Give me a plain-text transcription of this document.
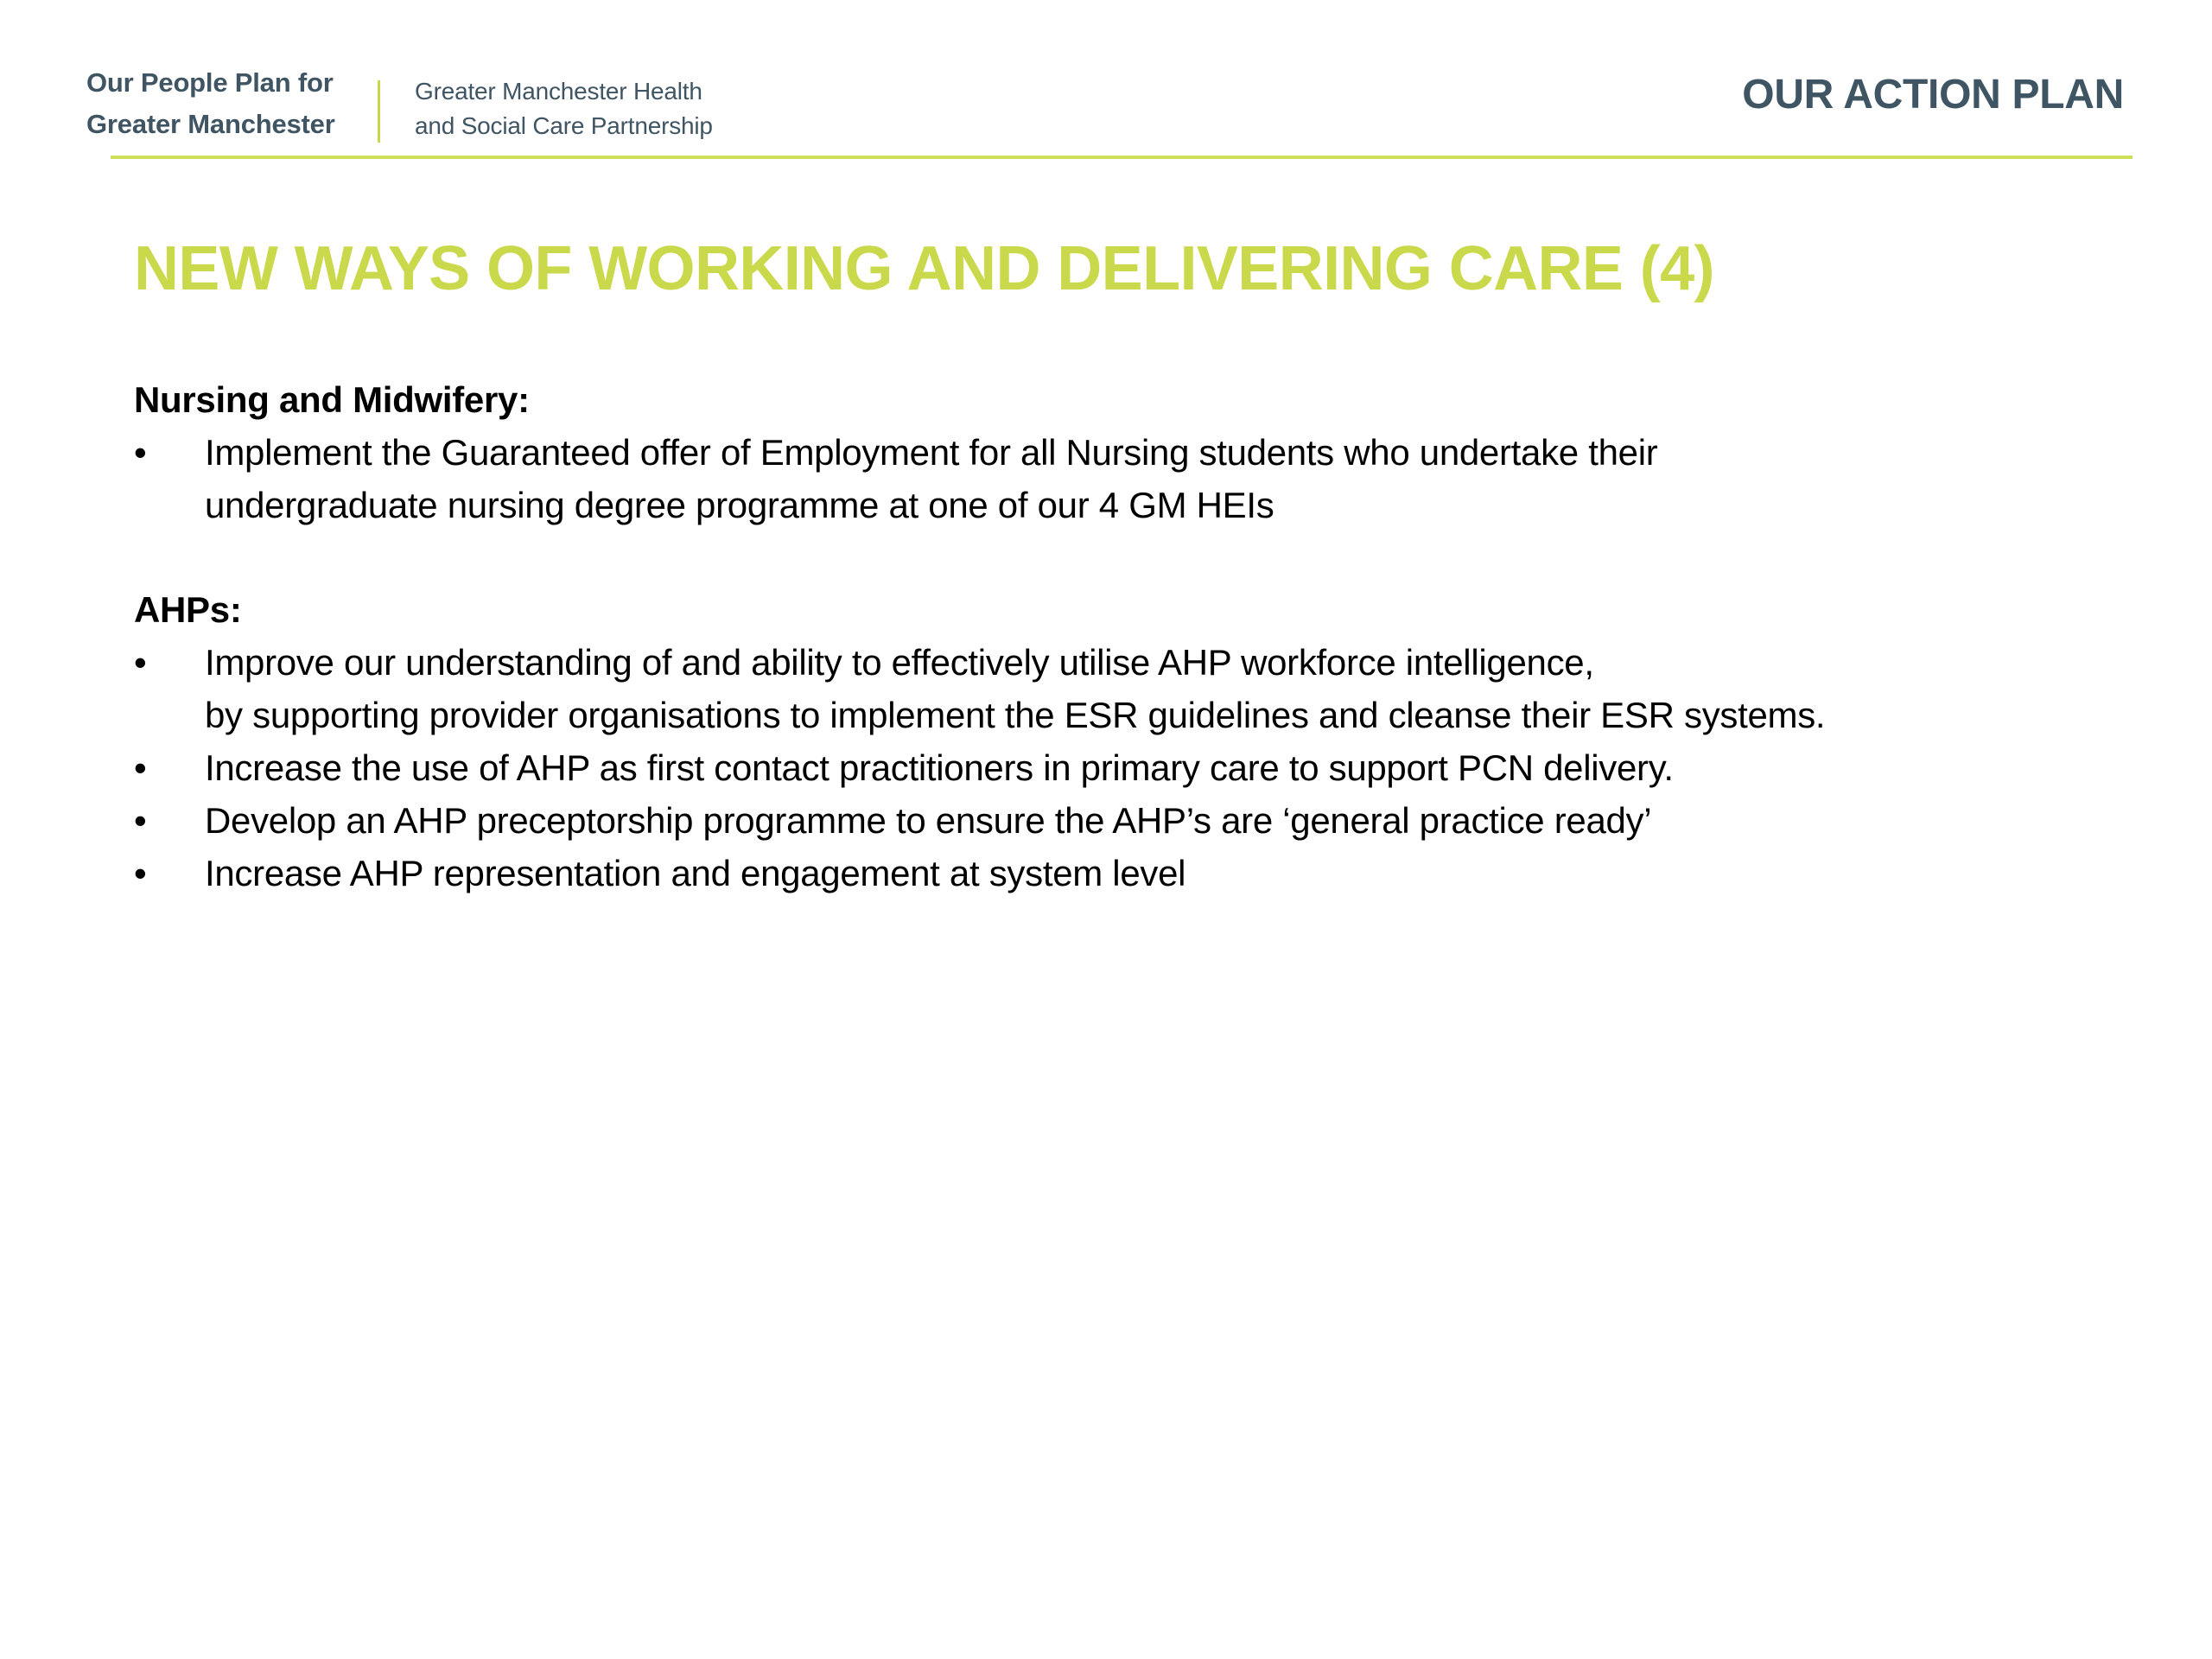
Our People Plan for
Greater Manchester
Greater Manchester Health
and Social Care Partnership
OUR ACTION PLAN
NEW WAYS OF WORKING AND DELIVERING CARE (4)
Nursing and Midwifery:
•	Implement the Guaranteed offer of Employment for all Nursing students who undertake their
undergraduate nursing degree programme at one of our 4 GM HEIs
AHPs:
•	Improve our understanding of and ability to effectively utilise AHP workforce intelligence,
by supporting provider organisations to implement the ESR guidelines and cleanse their ESR systems.
•	Increase the use of AHP as first contact practitioners in primary care to support PCN delivery.
•	Develop an AHP preceptorship programme to ensure the AHP’s are ‘general practice ready’
•	Increase AHP representation and engagement at system level
